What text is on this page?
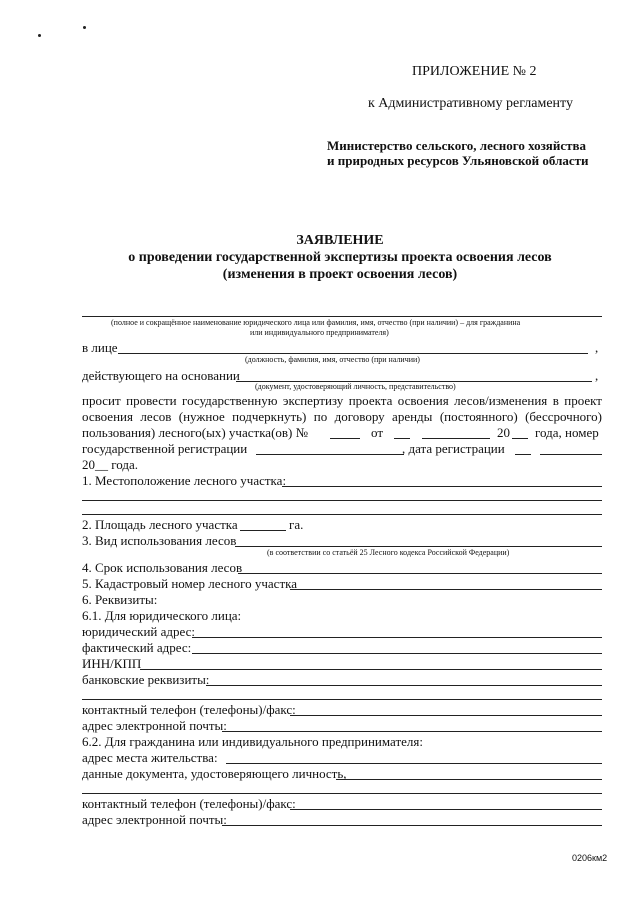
ПРИЛОЖЕНИЕ № 2
к Административному регламенту
Министерство сельского, лесного хозяйства
и природных ресурсов Ульяновской области
ЗАЯВЛЕНИЕ
о проведении государственной экспертизы проекта освоения лесов
(изменения в проект освоения лесов)
(полное и сокращённое наименование юридического лица или фамилия, имя, отчество (при наличии) – для гражданина
или индивидуального предпринимателя)
в лице	,
(должность, фамилия, имя, отчество (при наличии)
действующего на основании	,
(документ, удостоверяющий личность, представительство)
просит провести государственную экспертизу проекта освоения лесов/изменения в проект
освоения лесов (нужное подчеркнуть) по договору аренды (постоянного) (бессрочного)
пользования) лесного(ых) участка(ов) №	от	20 года, номер
государственной регистрации	, дата регистрации
20__ года.
1. Местоположение лесного участка:
2. Площадь лесного участка	га.
3. Вид использования лесов
(в соответствии со статьёй 25 Лесного кодекса Российской Федерации)
4. Срок использования лесов
5. Кадастровый номер лесного участка
6. Реквизиты:
6.1. Для юридического лица:
юридический адрес:
фактический адрес:
ИНН/КПП
банковские реквизиты:
контактный телефон (телефоны)/факс:
адрес электронной почты:
6.2. Для гражданина или индивидуального предпринимателя:
адрес места жительства:
данные документа, удостоверяющего личность,
контактный телефон (телефоны)/факс:
адрес электронной почты:
0206км2
